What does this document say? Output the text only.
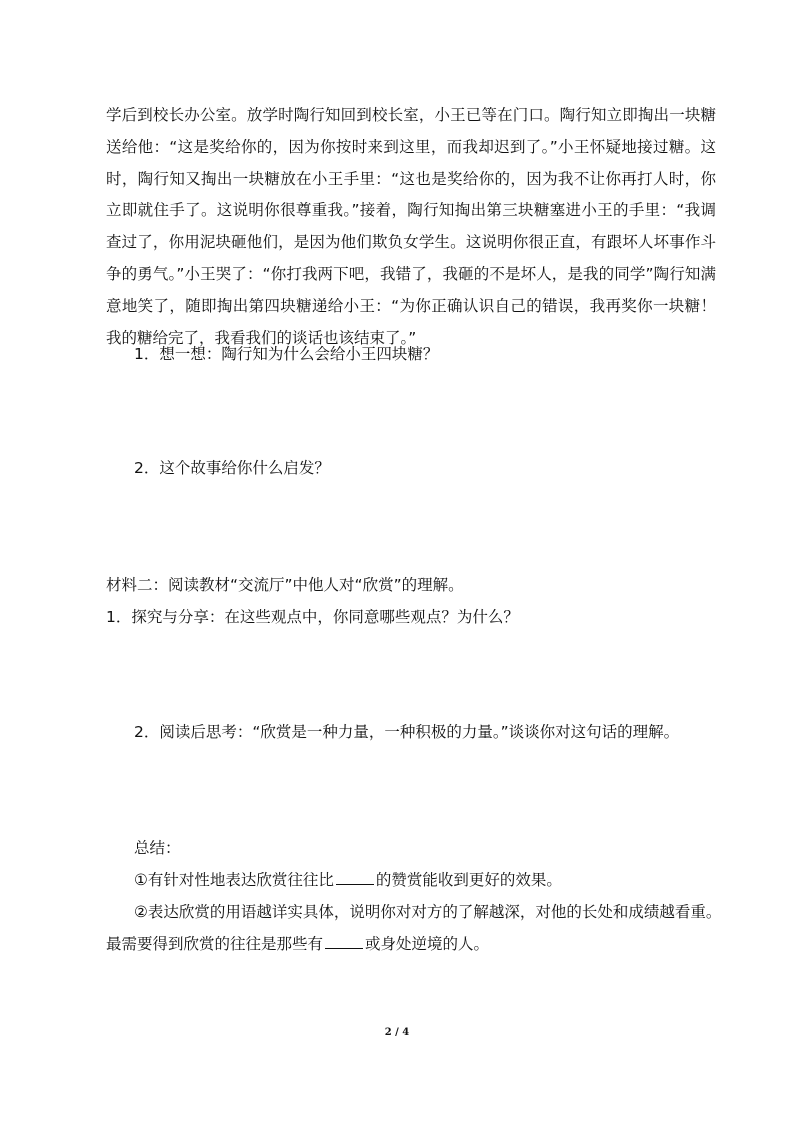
学后到校长办公室。放学时陶行知回到校长室，小王已等在门口。陶行知立即掏出一块糖送给他：“这是奖给你的，因为你按时来到这里，而我却迟到了。”小王怀疑地接过糖。这时，陶行知又掏出一块糖放在小王手里：“这也是奖给你的，因为我不让你再打人时，你立即就住手了。这说明你很尊重我。”接着，陶行知掏出第三块糖塞进小王的手里：“我调查过了，你用泥块砸他们，是因为他们欺负女学生。这说明你很正直，有跟坏人坏事作斗争的勇气。”小王哭了：“你打我两下吧，我错了，我砸的不是坏人，是我的同学”陶行知满意地笑了，随即掏出第四块糖递给小王：“为你正确认识自己的错误，我再奖你一块糖！我的糖给完了，我看我们的谈话也该结束了。”

1．想一想：陶行知为什么会给小王四块糖？
2．这个故事给你什么启发？
材料二：阅读教材“交流厅”中他人对“欣赏”的理解。
1．探究与分享：在这些观点中，你同意哪些观点？为什么？
2．阅读后思考：“欣赏是一种力量，一种积极的力量。”谈谈你对这句话的理解。
总结：
①有针对性地表达欣赏往往比	的赞赏能收到更好的效果。
②表达欣赏的用语越详实具体，说明你对对方的了解越深，对他的长处和成绩越看重。
最需要得到欣赏的往往是那些有	或身处逆境的人。
2 / 4
